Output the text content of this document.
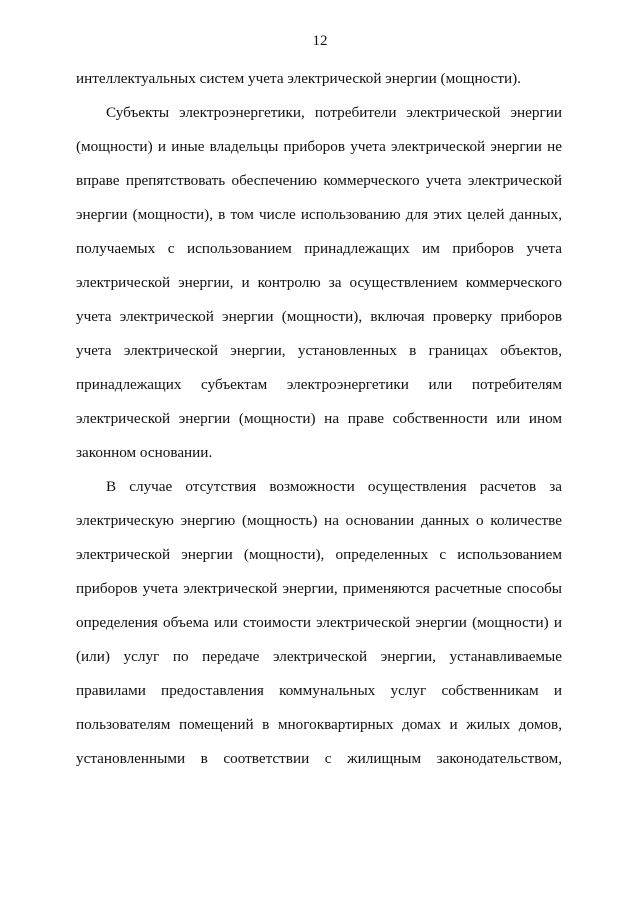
12
интеллектуальных систем учета электрической энергии (мощности).
Субъекты электроэнергетики, потребители электрической энергии
(мощности) и иные владельцы приборов учета электрической энергии не
вправе препятствовать обеспечению коммерческого учета электрической
энергии (мощности), в том числе использованию для этих целей данных,
получаемых с использованием принадлежащих им приборов учета
электрической энергии, и контролю за осуществлением коммерческого
учета электрической энергии (мощности), включая проверку приборов
учета электрической энергии, установленных в границах объектов,
принадлежащих субъектам электроэнергетики или потребителям
электрической энергии (мощности) на праве собственности или ином
законном основании.
В случае отсутствия возможности осуществления расчетов за
электрическую энергию (мощность) на основании данных о количестве
электрической энергии (мощности), определенных с использованием
приборов учета электрической энергии, применяются расчетные способы
определения объема или стоимости электрической энергии (мощности) и
(или) услуг по передаче электрической энергии, устанавливаемые
правилами предоставления коммунальных услуг собственникам и
пользователям помещений в многоквартирных домах и жилых домов,
установленными в соответствии с жилищным законодательством,
